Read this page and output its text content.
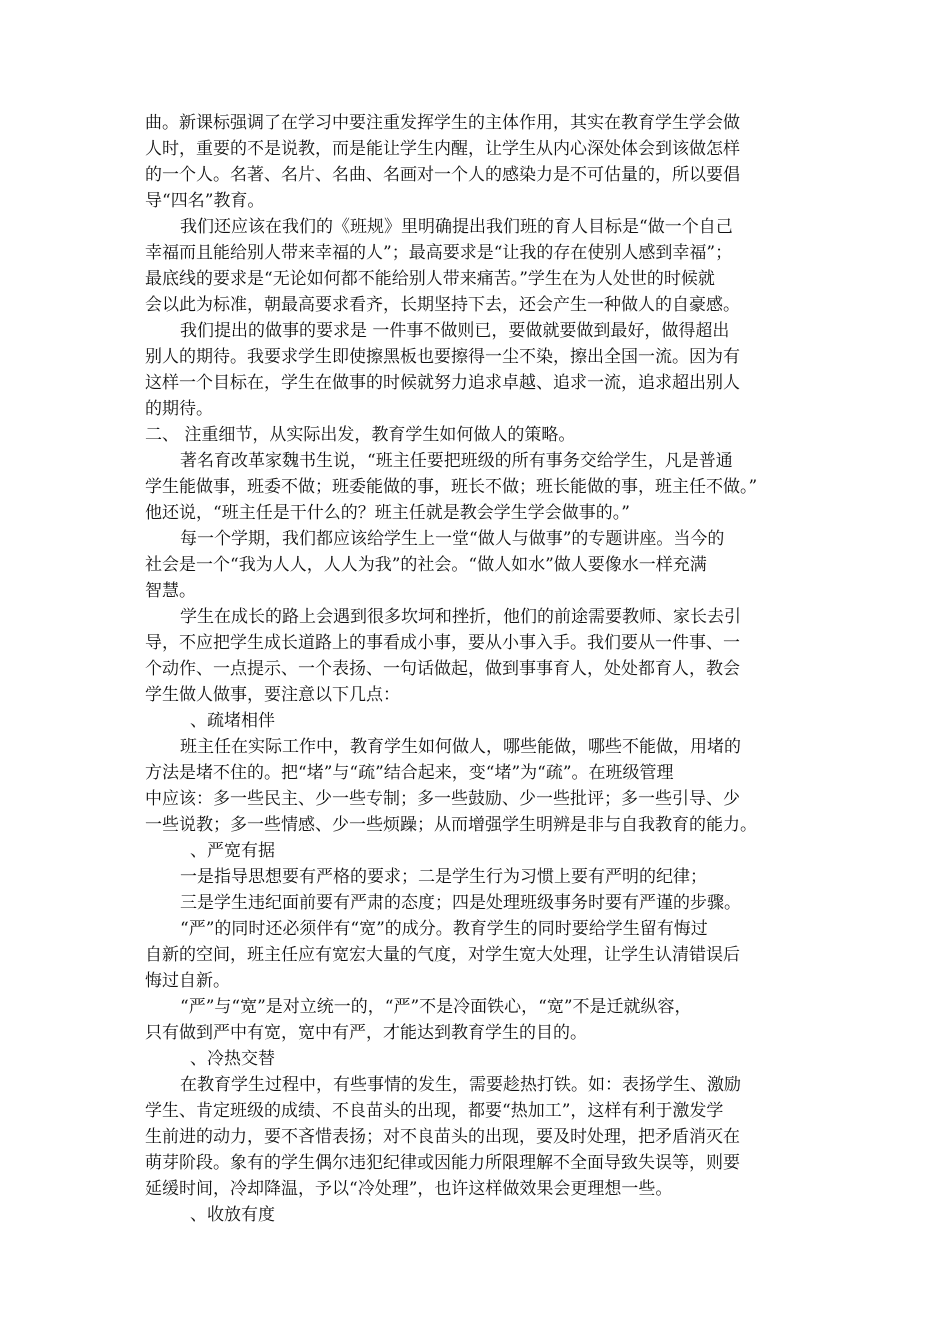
曲。新课标强调了在学习中要注重发挥学生的主体作用，其实在教育学生学会做
人时，重要的不是说教，而是能让学生内醒，让学生从内心深处体会到该做怎样
的一个人。名著、名片、名曲、名画对一个人的感染力是不可估量的，所以要倡
导“四名”教育。
我们还应该在我们的《班规》里明确提出我们班的育人目标是“做一个自己
幸福而且能给别人带来幸福的人”；最高要求是“让我的存在使别人感到幸福”；
最底线的要求是“无论如何都不能给别人带来痛苦。”学生在为人处世的时候就
会以此为标准，朝最高要求看齐，长期坚持下去，还会产生一种做人的自豪感。
我们提出的做事的要求是 一件事不做则已，要做就要做到最好，做得超出
别人的期待。我要求学生即使擦黑板也要擦得一尘不染，擦出全国一流。因为有
这样一个目标在，学生在做事的时候就努力追求卓越、追求一流，追求超出别人
的期待。
二、 注重细节，从实际出发，教育学生如何做人的策略。
著名育改革家魏书生说，“班主任要把班级的所有事务交给学生，凡是普通
学生能做事，班委不做；班委能做的事，班长不做；班长能做的事，班主任不做。”
他还说，“班主任是干什么的？班主任就是教会学生学会做事的。”
每一个学期，我们都应该给学生上一堂“做人与做事”的专题讲座。当今的
社会是一个“我为人人，人人为我”的社会。“做人如水”做人要像水一样充满
智慧。
学生在成长的路上会遇到很多坎坷和挫折，他们的前途需要教师、家长去引
导，不应把学生成长道路上的事看成小事，要从小事入手。我们要从一件事、一
个动作、一点提示、一个表扬、一句话做起，做到事事育人，处处都育人，教会
学生做人做事，要注意以下几点：
、疏堵相伴
班主任在实际工作中，教育学生如何做人，哪些能做，哪些不能做，用堵的
方法是堵不住的。把“堵”与“疏”结合起来，变“堵”为“疏”。在班级管理
中应该：多一些民主、少一些专制；多一些鼓励、少一些批评；多一些引导、少
一些说教；多一些情感、少一些烦躁；从而增强学生明辨是非与自我教育的能力。
、严宽有据
一是指导思想要有严格的要求；二是学生行为习惯上要有严明的纪律；
三是学生违纪面前要有严肃的态度；四是处理班级事务时要有严谨的步骤。
“严”的同时还必须伴有“宽”的成分。教育学生的同时要给学生留有悔过
自新的空间，班主任应有宽宏大量的气度，对学生宽大处理，让学生认清错误后
悔过自新。
“严”与“宽”是对立统一的，“严”不是冷面铁心，“宽”不是迁就纵容，
只有做到严中有宽，宽中有严，才能达到教育学生的目的。
、冷热交替
在教育学生过程中，有些事情的发生，需要趁热打铁。如：表扬学生、激励
学生、肯定班级的成绩、不良苗头的出现，都要“热加工”，这样有利于激发学
生前进的动力，要不吝惜表扬；对不良苗头的出现，要及时处理，把矛盾消灭在
萌芽阶段。象有的学生偶尔违犯纪律或因能力所限理解不全面导致失误等，则要
延缓时间，冷却降温，予以“冷处理”，也许这样做效果会更理想一些。
、收放有度
